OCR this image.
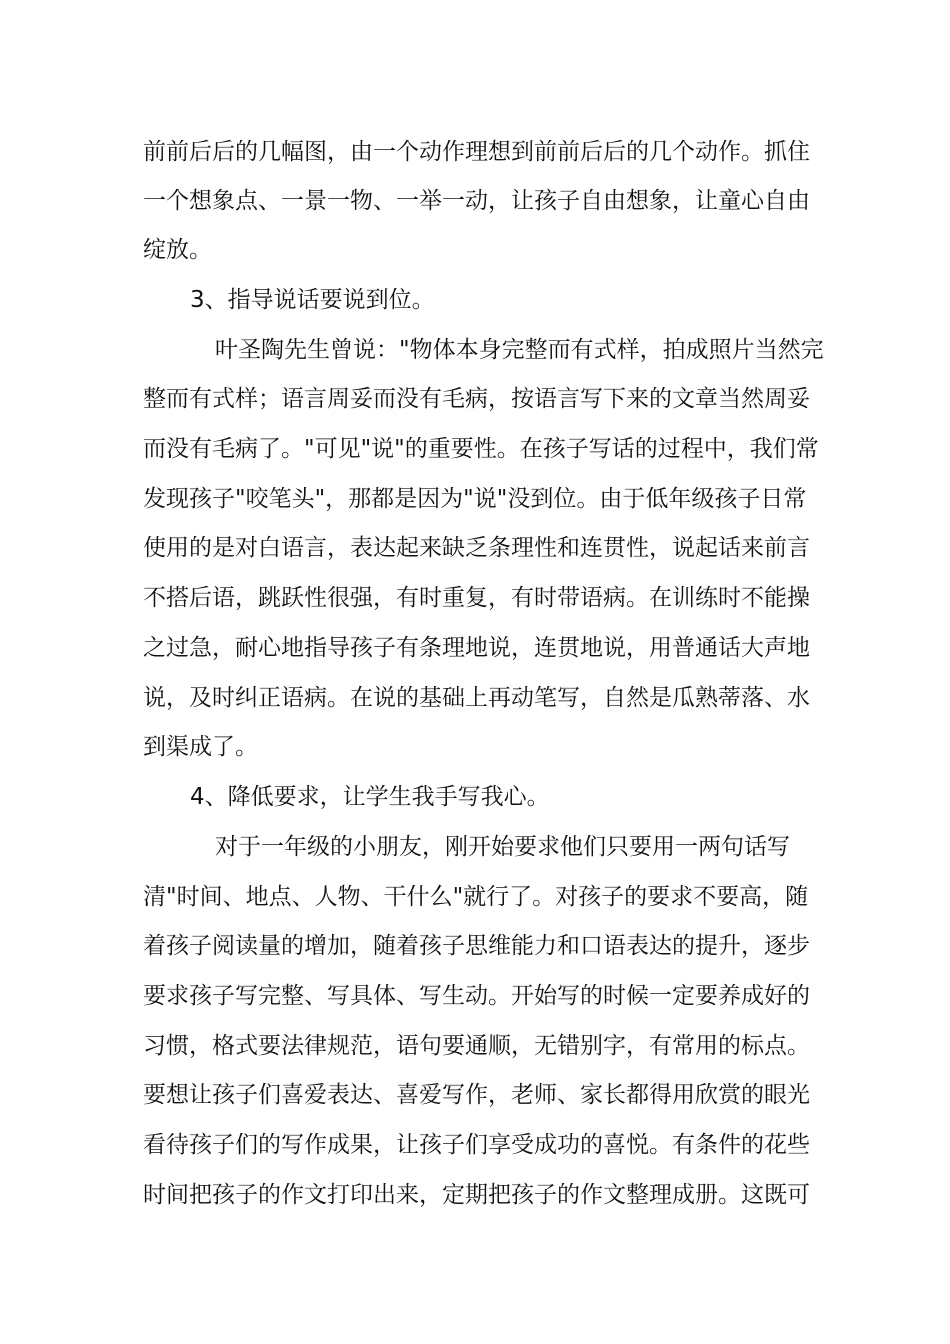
前前后后的几幅图，由一个动作理想到前前后后的几个动作。抓住
一个想象点、一景一物、一举一动，让孩子自由想象，让童心自由
绽放。
3、指导说话要说到位。
叶圣陶先生曾说："物体本身完整而有式样，拍成照片当然完
整而有式样；语言周妥而没有毛病，按语言写下来的文章当然周妥
而没有毛病了。"可见"说"的重要性。在孩子写话的过程中，我们常
发现孩子"咬笔头"，那都是因为"说"没到位。由于低年级孩子日常
使用的是对白语言，表达起来缺乏条理性和连贯性，说起话来前言
不搭后语，跳跃性很强，有时重复，有时带语病。在训练时不能操
之过急，耐心地指导孩子有条理地说，连贯地说，用普通话大声地
说，及时纠正语病。在说的基础上再动笔写，自然是瓜熟蒂落、水
到渠成了。
4、降低要求，让学生我手写我心。
对于一年级的小朋友，刚开始要求他们只要用一两句话写
清"时间、地点、人物、干什么"就行了。对孩子的要求不要高，随
着孩子阅读量的增加，随着孩子思维能力和口语表达的提升，逐步
要求孩子写完整、写具体、写生动。开始写的时候一定要养成好的
习惯，格式要法律规范，语句要通顺，无错别字，有常用的标点。
要想让孩子们喜爱表达、喜爱写作，老师、家长都得用欣赏的眼光
看待孩子们的写作成果，让孩子们享受成功的喜悦。有条件的花些
时间把孩子的作文打印出来，定期把孩子的作文整理成册。这既可
